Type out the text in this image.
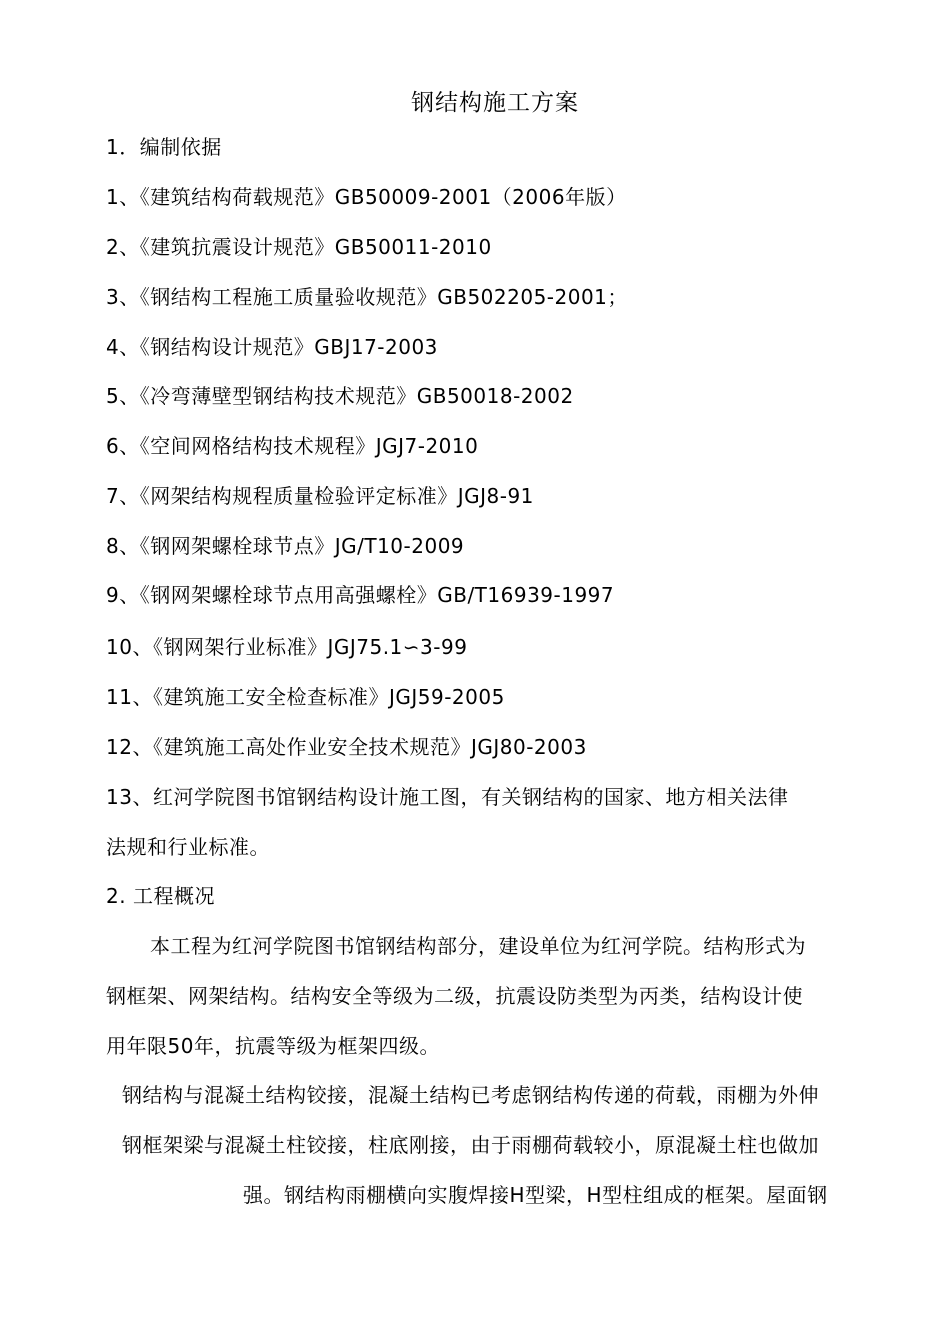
钢结构施工方案
1．编制依据
1、《建筑结构荷载规范》GB50009-2001（2006年版）
2、《建筑抗震设计规范》GB50011-2010
3、《钢结构工程施工质量验收规范》GB502205-2001；
4、《钢结构设计规范》GBJ17-2003
5、《冷弯薄壁型钢结构技术规范》GB50018-2002
6、《空间网格结构技术规程》JGJ7-2010
7、《网架结构规程质量检验评定标准》JGJ8-91
8、《钢网架螺栓球节点》JG/T10-2009
9、《钢网架螺栓球节点用高强螺栓》GB/T16939-1997
10、《钢网架行业标准》JGJ75.1∽3-99
11、《建筑施工安全检查标准》JGJ59-2005
12、《建筑施工高处作业安全技术规范》JGJ80-2003
13、红河学院图书馆钢结构设计施工图，有关钢结构的国家、地方相关法律
法规和行业标准。
2. 工程概况
本工程为红河学院图书馆钢结构部分，建设单位为红河学院。结构形式为
钢框架、网架结构。结构安全等级为二级，抗震设防类型为丙类，结构设计使
用年限50年，抗震等级为框架四级。
钢结构与混凝土结构铰接，混凝土结构已考虑钢结构传递的荷载，雨棚为外伸
钢框架梁与混凝土柱铰接，柱底刚接，由于雨棚荷载较小，原混凝土柱也做加
强。钢结构雨棚横向实腹焊接H型梁，H型柱组成的框架。屋面钢
